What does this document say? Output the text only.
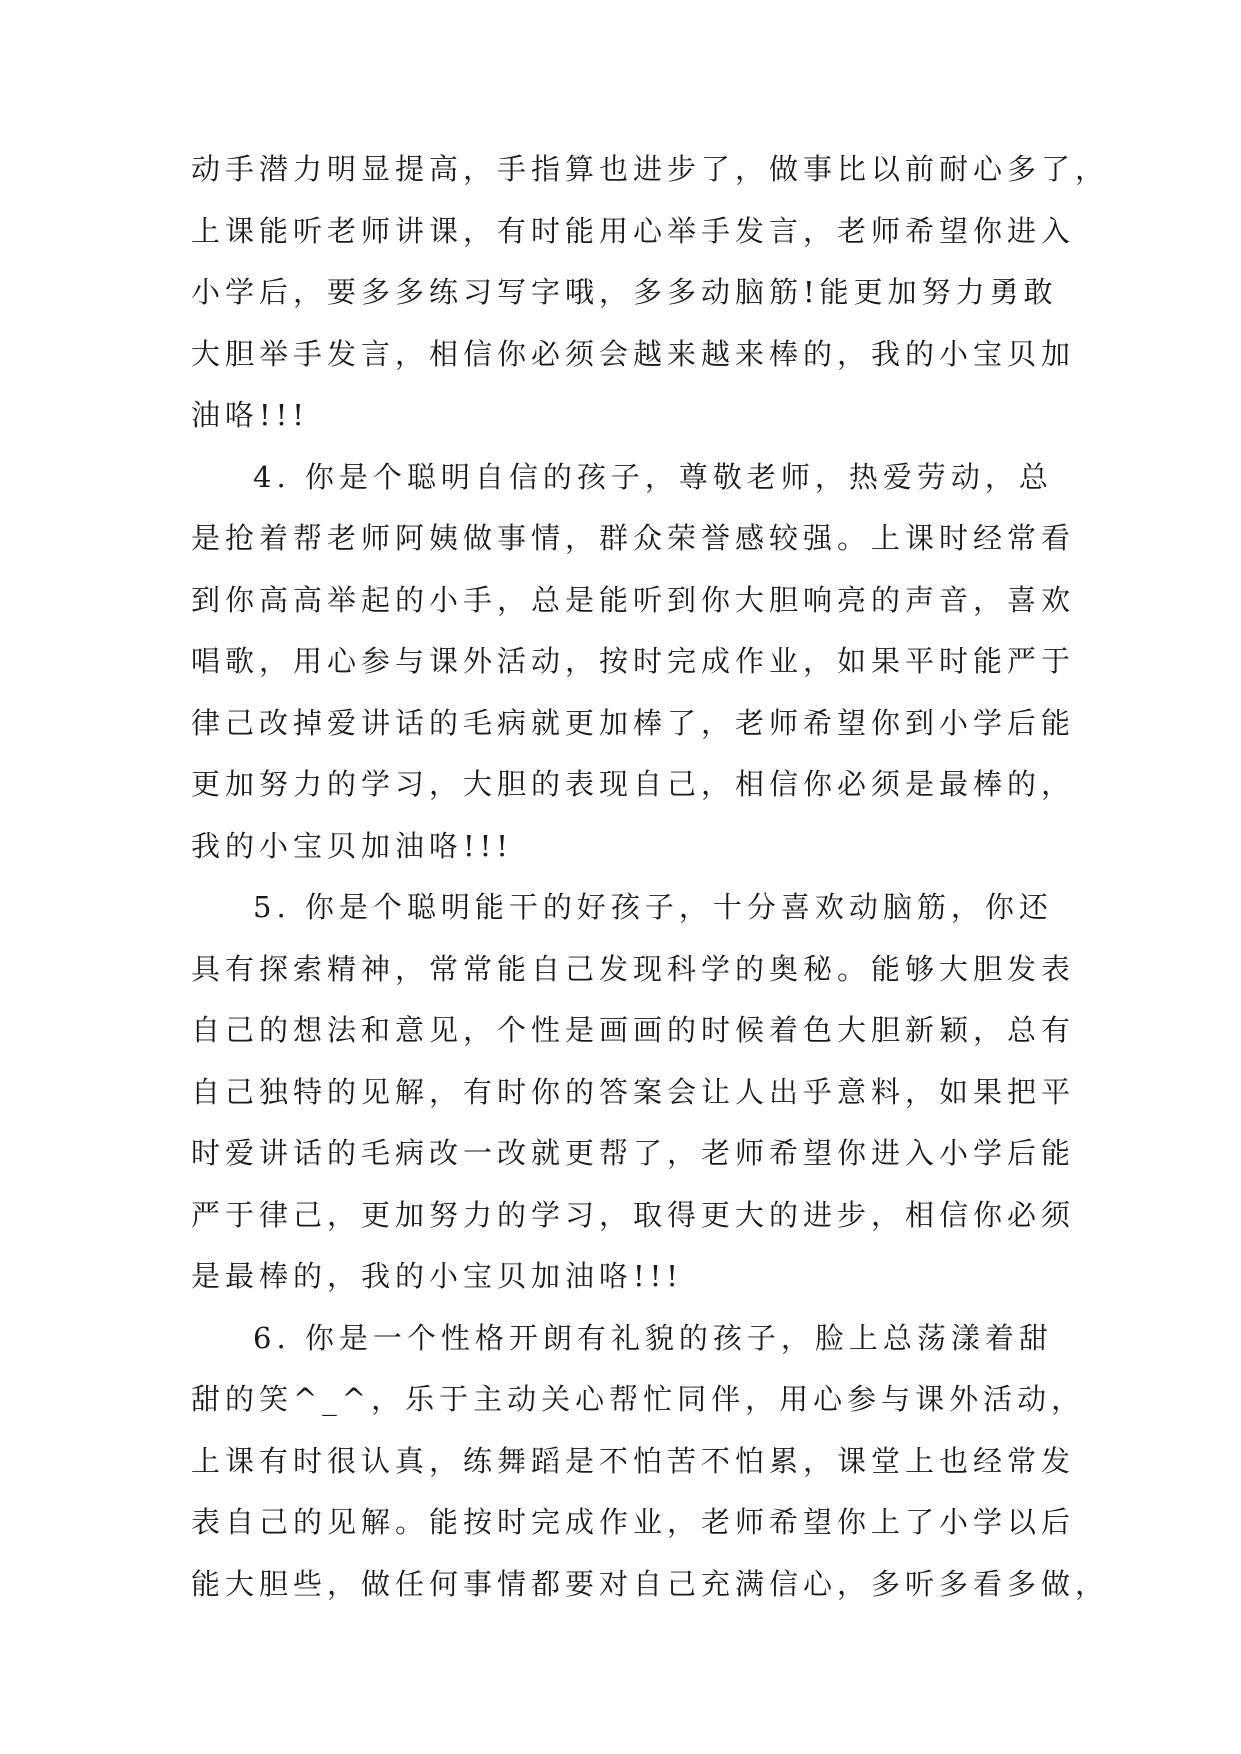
动手潜力明显提高，手指算也进步了，做事比以前耐心多了，
上课能听老师讲课，有时能用心举手发言，老师希望你进入
小学后，要多多练习写字哦，多多动脑筋!能更加努力勇敢
大胆举手发言，相信你必须会越来越来棒的，我的小宝贝加
油咯!!!
4. 你是个聪明自信的孩子，尊敬老师，热爱劳动，总
是抢着帮老师阿姨做事情，群众荣誉感较强。上课时经常看
到你高高举起的小手，总是能听到你大胆响亮的声音，喜欢
唱歌，用心参与课外活动，按时完成作业，如果平时能严于
律己改掉爱讲话的毛病就更加棒了，老师希望你到小学后能
更加努力的学习，大胆的表现自己，相信你必须是最棒的，
我的小宝贝加油咯!!!
5. 你是个聪明能干的好孩子，十分喜欢动脑筋，你还
具有探索精神，常常能自己发现科学的奥秘。能够大胆发表
自己的想法和意见，个性是画画的时候着色大胆新颖，总有
自己独特的见解，有时你的答案会让人出乎意料，如果把平
时爱讲话的毛病改一改就更帮了，老师希望你进入小学后能
严于律己，更加努力的学习，取得更大的进步，相信你必须
是最棒的，我的小宝贝加油咯!!!
6. 你是一个性格开朗有礼貌的孩子，脸上总荡漾着甜
甜的笑^_^，乐于主动关心帮忙同伴，用心参与课外活动，
上课有时很认真，练舞蹈是不怕苦不怕累，课堂上也经常发
表自己的见解。能按时完成作业，老师希望你上了小学以后
能大胆些，做任何事情都要对自己充满信心，多听多看多做，
